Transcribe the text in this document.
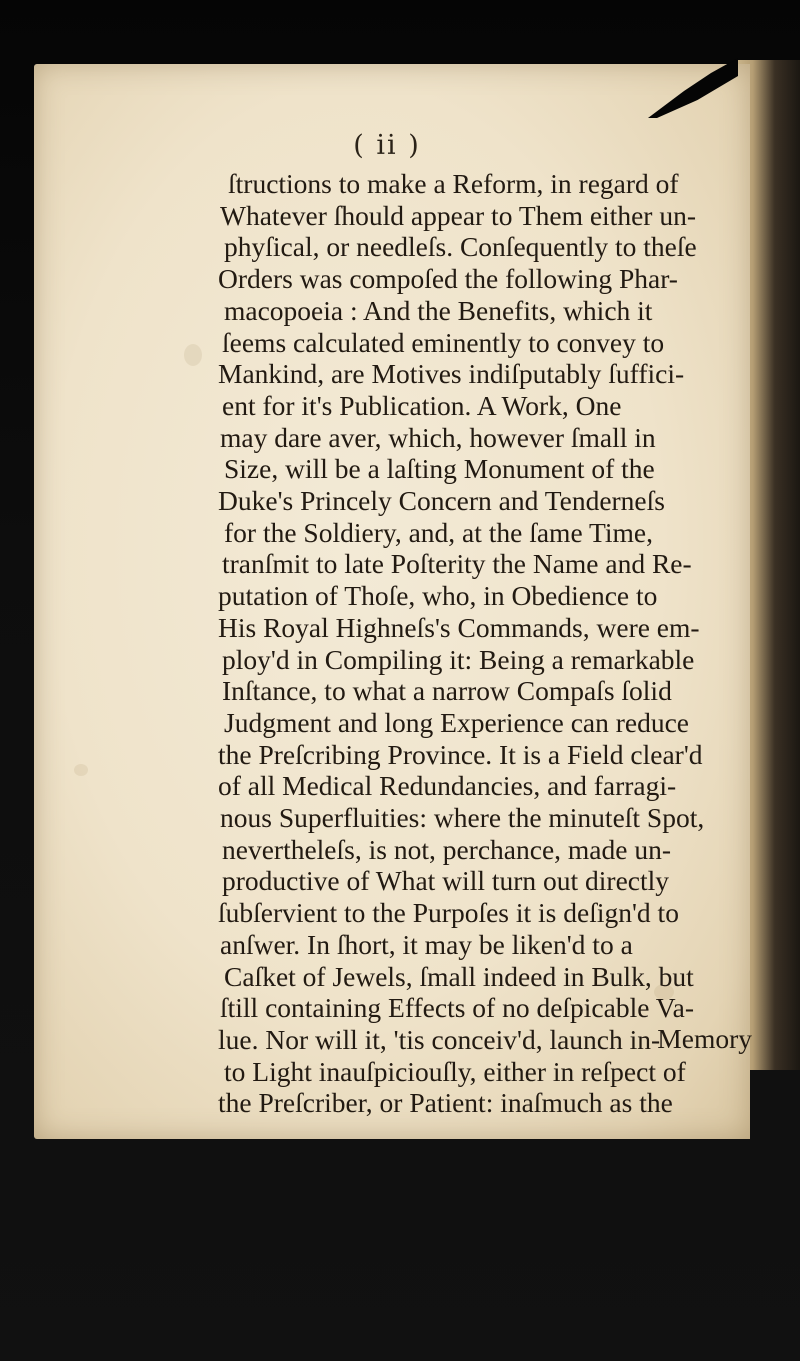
( ii )
ſtructions to make a Reform, in regard of
Whatever ſhould appear to Them either un-
phyſical, or needleſs. Conſequently to theſe
Orders was compoſed the following Phar-
macopoeia : And the Benefits, which it
ſeems calculated eminently to convey to
Mankind, are Motives indiſputably ſuffici-
ent for it's Publication. A Work, One
may dare aver, which, however ſmall in
Size, will be a laſting Monument of the
Duke's Princely Concern and Tenderneſs
for the Soldiery, and, at the ſame Time,
tranſmit to late Poſterity the Name and Re-
putation of Thoſe, who, in Obedience to
His Royal Highneſs's Commands, were em-
ploy'd in Compiling it: Being a remarkable
Inſtance, to what a narrow Compaſs ſolid
Judgment and long Experience can reduce
the Preſcribing Province. It is a Field clear'd
of all Medical Redundancies, and farragi-
nous Superfluities: where the minuteſt Spot,
nevertheleſs, is not, perchance, made un-
productive of What will turn out directly
ſubſervient to the Purpoſes it is deſign'd to
anſwer. In ſhort, it may be liken'd to a
Caſket of Jewels, ſmall indeed in Bulk, but
ſtill containing Effects of no deſpicable Va-
lue. Nor will it, 'tis conceiv'd, launch in-
to Light inauſpiciouſly, either in reſpect of
the Preſcriber, or Patient: inaſmuch as the
Memory
